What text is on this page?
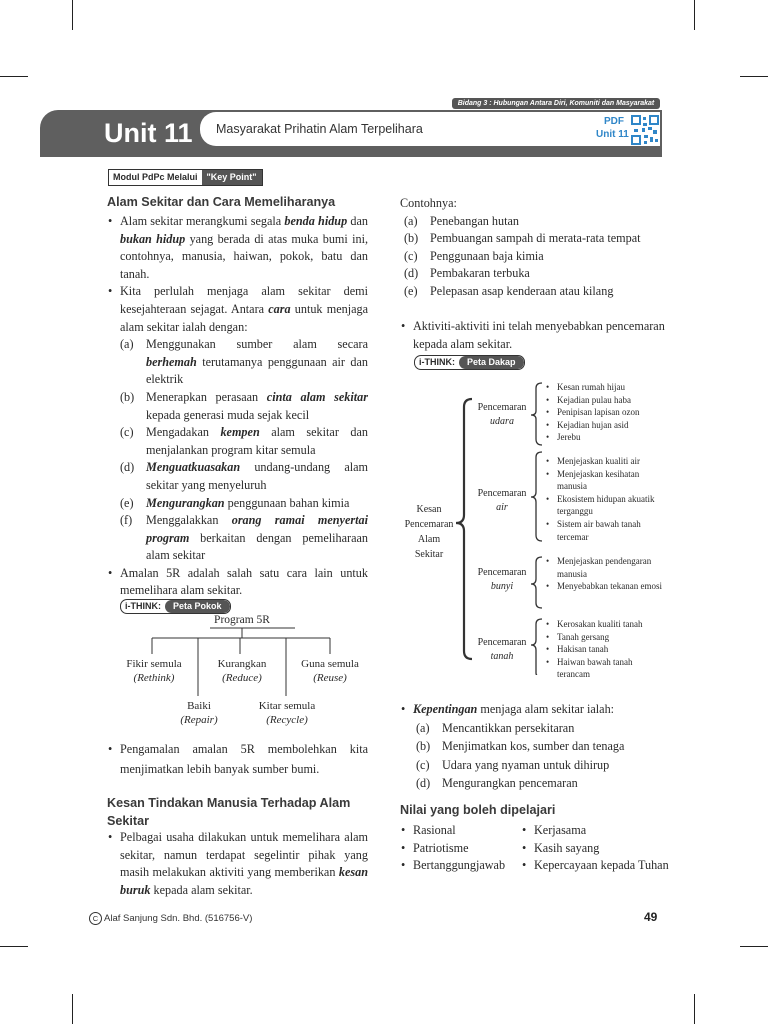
Bidang 3 : Hubungan Antara Diri, Komuniti dan Masyarakat
Unit 11 Masyarakat Prihatin Alam Terpelihara
PDF
Unit 11
Modul PdPc Melalui	"Key Point"
Alam Sekitar dan Cara Memeliharanya

• Alam sekitar merangkumi segala benda hidup dan bukan hidup yang berada di atas muka bumi ini, contohnya, manusia, haiwan, pokok, batu dan tanah.

• Kita perlulah menjaga alam sekitar demi kesejahteraan sejagat. Antara cara untuk menjaga alam sekitar ialah dengan:

(a) Menggunakan sumber alam secara berhemah terutamanya penggunaan air dan elektrik

(b) Menerapkan perasaan cinta alam sekitar kepada generasi muda sejak kecil

(c) Mengadakan kempen alam sekitar dan menjalankan program kitar semula

(d) Menguatkuasakan undang-undang alam sekitar yang menyeluruh

(e) Mengurangkan penggunaan bahan kimia

(f) Menggalakkan orang ramai menyertai program berkaitan dengan pemeliharaan alam sekitar

• Amalan 5R adalah salah satu cara lain untuk memelihara alam sekitar.

i-THINK:	Peta Pokok
Program 5R
Fikir semula
(Rethink)
Kurangkan
(Reduce)
Guna semula
(Reuse)
Baiki
(Repair)
Kitar semula
(Recycle)

• Pengamalan amalan 5R membolehkan kita menjimatkan lebih banyak sumber bumi.

Kesan Tindakan Manusia Terhadap Alam Sekitar

• Pelbagai usaha dilakukan untuk memelihara alam sekitar, namun terdapat segelintir pihak yang masih melakukan aktiviti yang memberikan kesan buruk kepada alam sekitar.

Contohnya:

(a) Penebangan hutan

(b) Pembuangan sampah di merata-rata tempat

(c) Penggunaan baja kimia

(d) Pembakaran terbuka

(e) Pelepasan asap kenderaan atau kilang

• Aktiviti-aktiviti ini telah menyebabkan pencemaran kepada alam sekitar.

i-THINK:	Peta Dakap
Kesan
Pencemaran
Alam
Sekitar
Pencemaran
udara
Pencemaran
air
Pencemaran
bunyi
Pencemaran
tanah

• Kesan rumah hijau

• Kejadian pulau haba

• Penipisan lapisan ozon

• Kejadian hujan asid

• Jerebu

• Menjejaskan kualiti air

• Menjejaskan kesihatan manusia

• Ekosistem hidupan akuatik terganggu

• Sistem air bawah tanah tercemar

• Menjejaskan pendengaran manusia

• Menyebabkan tekanan emosi

• Kerosakan kualiti tanah

• Tanah gersang

• Hakisan tanah

• Haiwan bawah tanah terancam

• Kepentingan menjaga alam sekitar ialah:

(a) Mencantikkan persekitaran

(b) Menjimatkan kos, sumber dan tenaga

(c) Udara yang nyaman untuk dihirup

(d) Mengurangkan pencemaran

Nilai yang boleh dipelajari

• Rasional

• Patriotisme

• Bertanggungjawab

• Kerjasama

• Kasih sayang

• Kepercayaan kepada Tuhan

C Alaf Sanjung Sdn. Bhd. (516756-V)	49
